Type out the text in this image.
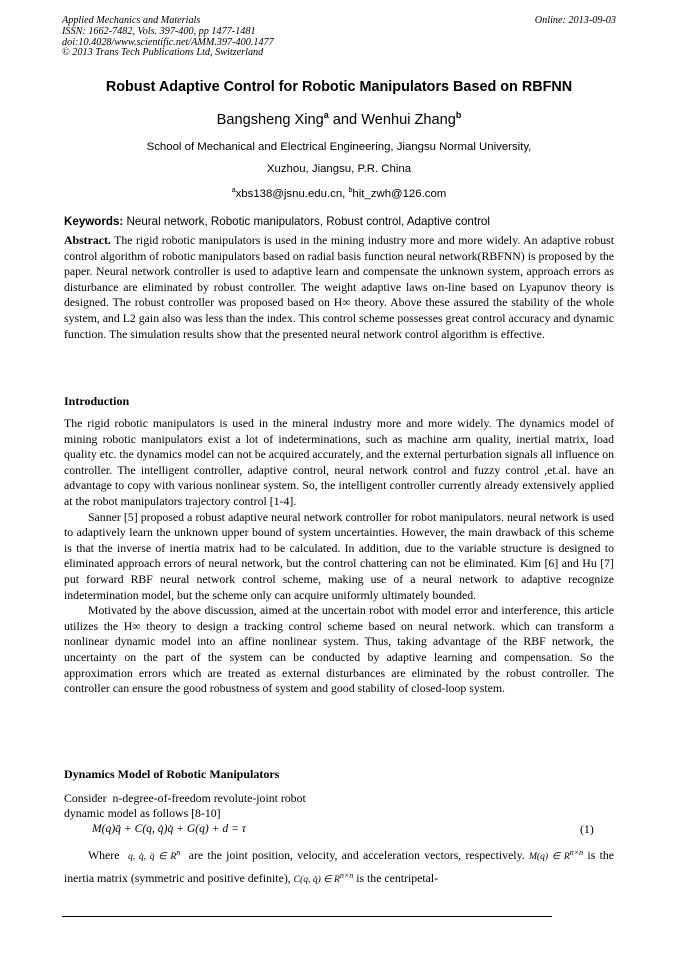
Applied Mechanics and Materials
ISSN: 1662-7482, Vols. 397-400, pp 1477-1481
doi:10.4028/www.scientific.net/AMM.397-400.1477
© 2013 Trans Tech Publications Ltd, Switzerland
Online: 2013-09-03
Robust Adaptive Control for Robotic Manipulators Based on RBFNN
Bangsheng Xing$^a$ and Wenhui Zhang$^b$
School of Mechanical and Electrical Engineering, Jiangsu Normal University,
Xuzhou, Jiangsu, P.R. China
$^a$xbs138@jsnu.edu.cn, $^b$hit_zwh@126.com
Keywords: Neural network, Robotic manipulators, Robust control, Adaptive control

Abstract. The rigid robotic manipulators is used in the mining industry more and more widely. An adaptive robust control algorithm of robotic manipulators based on radial basis function neural network(RBFNN) is proposed by the paper. Neural network controller is used to adaptive learn and compensate the unknown system, approach errors as disturbance are eliminated by robust controller. The weight adaptive laws on-line based on Lyapunov theory is designed. The robust controller was proposed based on H∞ theory. Above these assured the stability of the whole system, and L2 gain also was less than the index. This control scheme possesses great control accuracy and dynamic function. The simulation results show that the presented neural network control algorithm is effective.

Introduction

The rigid robotic manipulators is used in the mineral industry more and more widely. The dynamics model of mining robotic manipulators exist a lot of indeterminations, such as machine arm quality, inertial matrix, load quality etc. the dynamics model can not be acquired accurately, and the external perturbation signals all influence on controller. The intelligent controller, adaptive control, neural network control and fuzzy control ,et.al. have an advantage to copy with various nonlinear system. So, the intelligent controller currently already extensively applied at the robot manipulators trajectory control [1-4].

Sanner [5] proposed a robust adaptive neural network controller for robot manipulators. neural network is used to adaptively learn the unknown upper bound of system uncertainties. However, the main drawback of this scheme is that the inverse of inertia matrix had to be calculated. In addition, due to the variable structure is designed to eliminated approach errors of neural network, but the control chattering can not be eliminated. Kim [6] and Hu [7] put forward RBF neural network control scheme, making use of a neural network to adaptive recognize indetermination model, but the scheme only can acquire uniformly ultimately bounded.

Motivated by the above discussion, aimed at the uncertain robot with model error and interference, this article utilizes the H∞ theory to design a tracking control scheme based on neural network. which can transform a nonlinear dynamic model into an affine nonlinear system. Thus, taking advantage of the RBF network, the uncertainty on the part of the system can be conducted by adaptive learning and compensation. So the approximation errors which are treated as external disturbances are eliminated by the robust controller. The controller can ensure the good robustness of system and good stability of closed-loop system.

Dynamics Model of Robotic Manipulators
Consider  n-degree-of-freedom revolute-joint robot
dynamic model as follows [8-10]
M(q)q̈ + C(q, q̇)q̇ + G(q) + d = τ	(1)

Where  q, q̇, q̈ ∈ $R^n$  are the joint position, velocity, and acceleration vectors, respectively. M(q) ∈ $R^{n\times n}$ is the inertia matrix (symmetric and positive definite), C(q, q̇) ∈ $R^{n\times n}$ is the centripetal-
